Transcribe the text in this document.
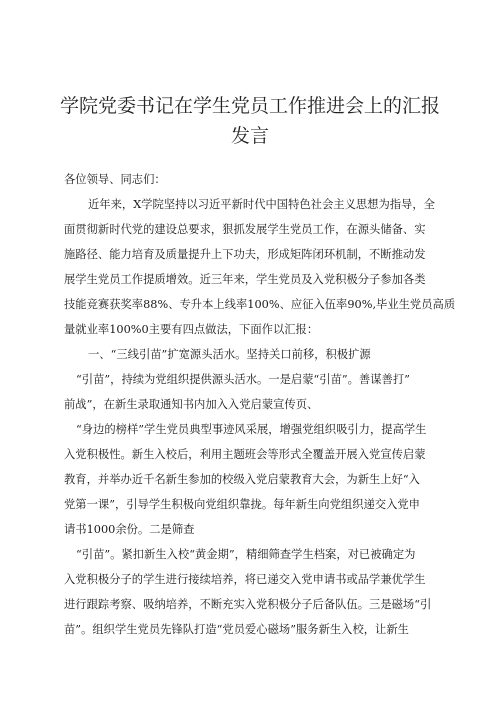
学院党委书记在学生党员工作推进会上的汇报
发言
各位领导、同志们：
近年来，X学院坚持以习近平新时代中国特色社会主义思想为指导，全
面贯彻新时代党的建设总要求，狠抓发展学生党员工作，在源头储备、实
施路径、能力培育及质量提升上下功夫，形成矩阵闭环机制，不断推动发
展学生党员工作提质增效。近三年来，学生党员及入党积极分子参加各类
技能竞赛获奖率88%、专升本上线率100%、应征入伍率90%,毕业生党员高质
量就业率100%0主要有四点做法，下面作以汇报：
一、“三线引苗”扩宽源头活水。坚持关口前移，积极扩源
“引苗”，持续为党组织提供源头活水。一是启蒙“引苗”。善谋善打”
前战”，在新生录取通知书内加入入党启蒙宣传页、
“身边的榜样”学生党员典型事迹风采展，增强党组织吸引力，提高学生
入党积极性。新生入校后，利用主题班会等形式全覆盖开展入党宣传启蒙
教育，并举办近千名新生参加的校级入党启蒙教育大会，为新生上好“入
党第一课”，引导学生积极向党组织靠拢。每年新生向党组织递交入党申
请书1000余份。二是筛查
“引苗”。紧扣新生入校“黄金期”，精细筛查学生档案，对已被确定为
入党积极分子的学生进行接续培养，将已递交入党申请书或品学兼优学生
进行跟踪考察、吸纳培养，不断充实入党积极分子后备队伍。三是磁场“引
苗”。组织学生党员先锋队打造“党员爱心磁场”服务新生入校，让新生
